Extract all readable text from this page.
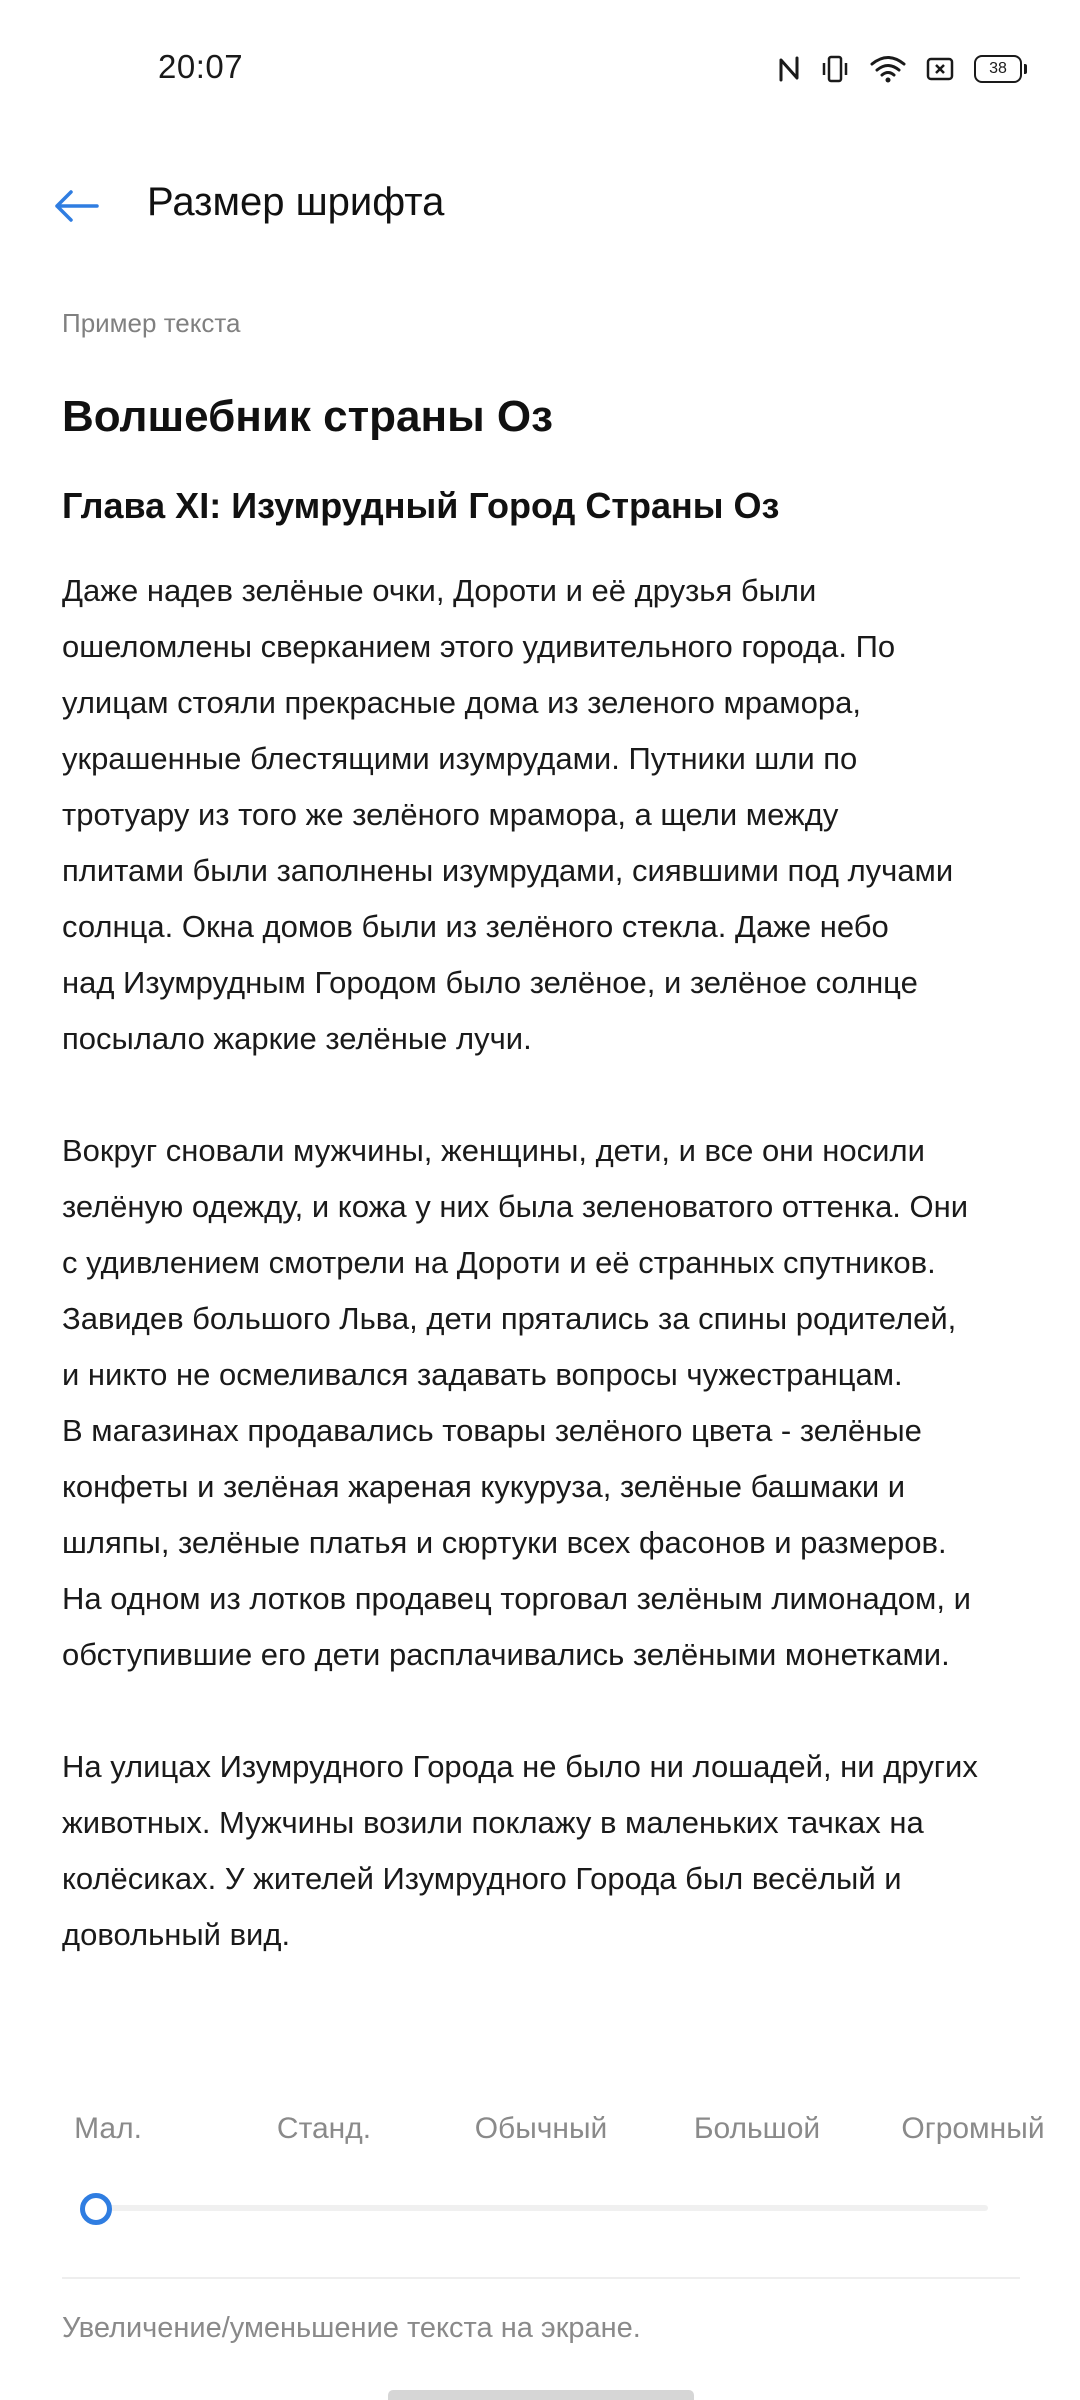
20:07	38
Размер шрифта

Пример текста

Волшебник страны Оз
Глава XI: Изумрудный Город Страны Оз

Даже надев зелёные очки, Дороти и её друзья были
ошеломлены сверканием этого удивительного города. По
улицам стояли прекрасные дома из зеленого мрамора,
украшенные блестящими изумрудами. Путники шли по
тротуару из того же зелёного мрамора, а щели между
плитами были заполнены изумрудами, сиявшими под лучами
солнца. Окна домов были из зелёного стекла. Даже небо
над Изумрудным Городом было зелёное, и зелёное солнце
посылало жаркие зелёные лучи.

Вокруг сновали мужчины, женщины, дети, и все они носили
зелёную одежду, и кожа у них была зеленоватого оттенка. Они
с удивлением смотрели на Дороти и её странных спутников.
Завидев большого Льва, дети прятались за спины родителей,
и никто не осмеливался задавать вопросы чужестранцам.
В магазинах продавались товары зелёного цвета - зелёные
конфеты и зелёная жареная кукуруза, зелёные башмаки и
шляпы, зелёные платья и сюртуки всех фасонов и размеров.
На одном из лотков продавец торговал зелёным лимонадом, и
обступившие его дети расплачивались зелёными монетками.

На улицах Изумрудного Города не было ни лошадей, ни других
животных. Мужчины возили поклажу в маленьких тачках на
колёсиках. У жителей Изумрудного Города был весёлый и
довольный вид.

Мал.	Станд.	Обычный	Большой	Огромный
Увеличение/уменьшение текста на экране.
